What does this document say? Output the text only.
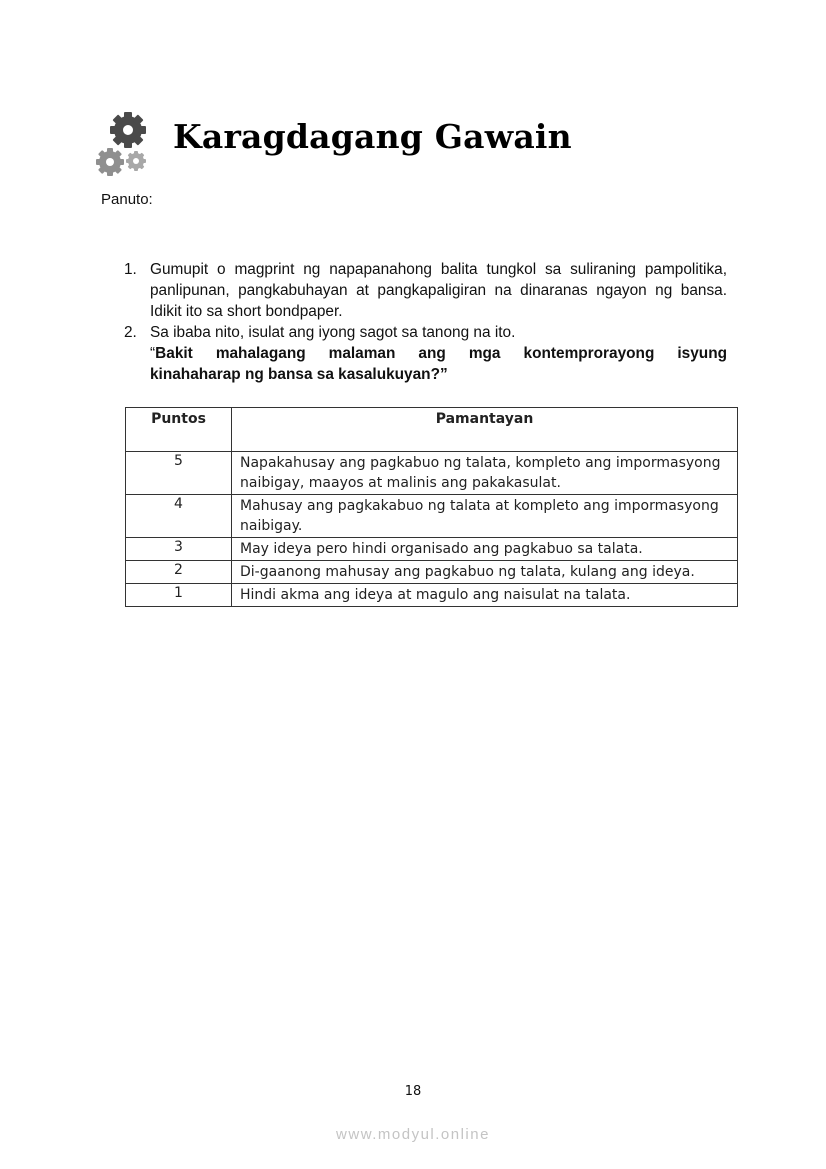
Karagdagang Gawain
Panuto:
1. Gumupit o magprint ng napapanahong balita tungkol sa suliraning pampolitika, panlipunan, pangkabuhayan at pangkapaligiran na dinaranas ngayon ng bansa. Idikit ito sa short bondpaper.
2. Sa ibaba nito, isulat ang iyong sagot sa tanong na ito.
“Bakit mahalagang malaman ang mga kontemprorayong isyung
kinahaharap ng bansa sa kasalukuyan?”
Puntos	Pamantayan
5	Napakahusay ang pagkabuo ng talata, kompleto ang impormasyong naibigay, maayos at malinis ang pakakasulat.
4	Mahusay ang pagkakabuo ng talata at kompleto ang impormasyong naibigay.
3	May ideya pero hindi organisado ang pagkabuo sa talata.
2	Di-gaanong mahusay ang pagkabuo ng talata, kulang ang ideya.
1	Hindi akma ang ideya at magulo ang naisulat na talata.
18
www.modyul.online
